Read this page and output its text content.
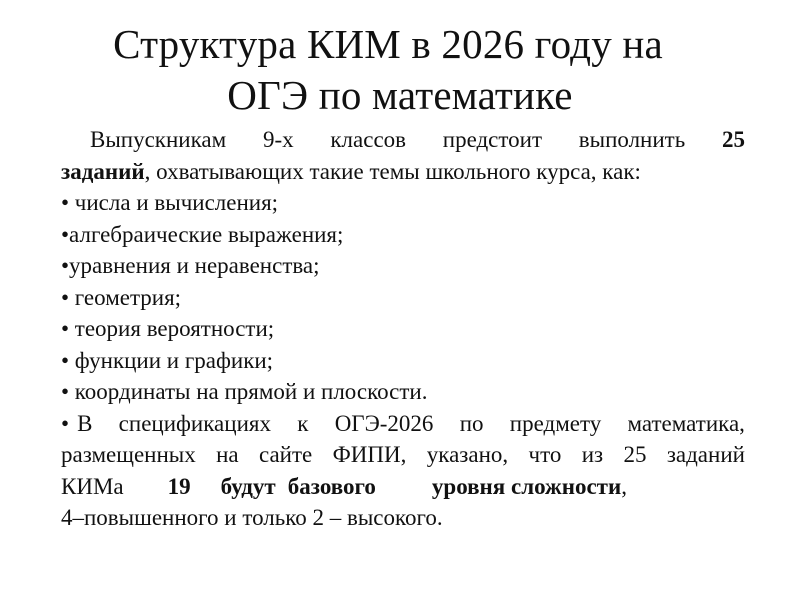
Структура КИМ в 2026 году на
ОГЭ по математике
Выпускникам 9-х классов предстоит выполнить 25
заданий, охватывающих такие темы школьного курса, как:
• числа и вычисления;
•алгебраические выражения;
•уравнения и неравенства;
• геометрия;
• теория вероятности;
• функции и графики;
• координаты на прямой и плоскости.
• В спецификациях к ОГЭ-2026 по предмету математика,
размещенных на сайте ФИПИ, указано, что из 25 заданий
КИМа 19 будут базового уровня сложности,
4–повышенного и только 2 – высокого.
